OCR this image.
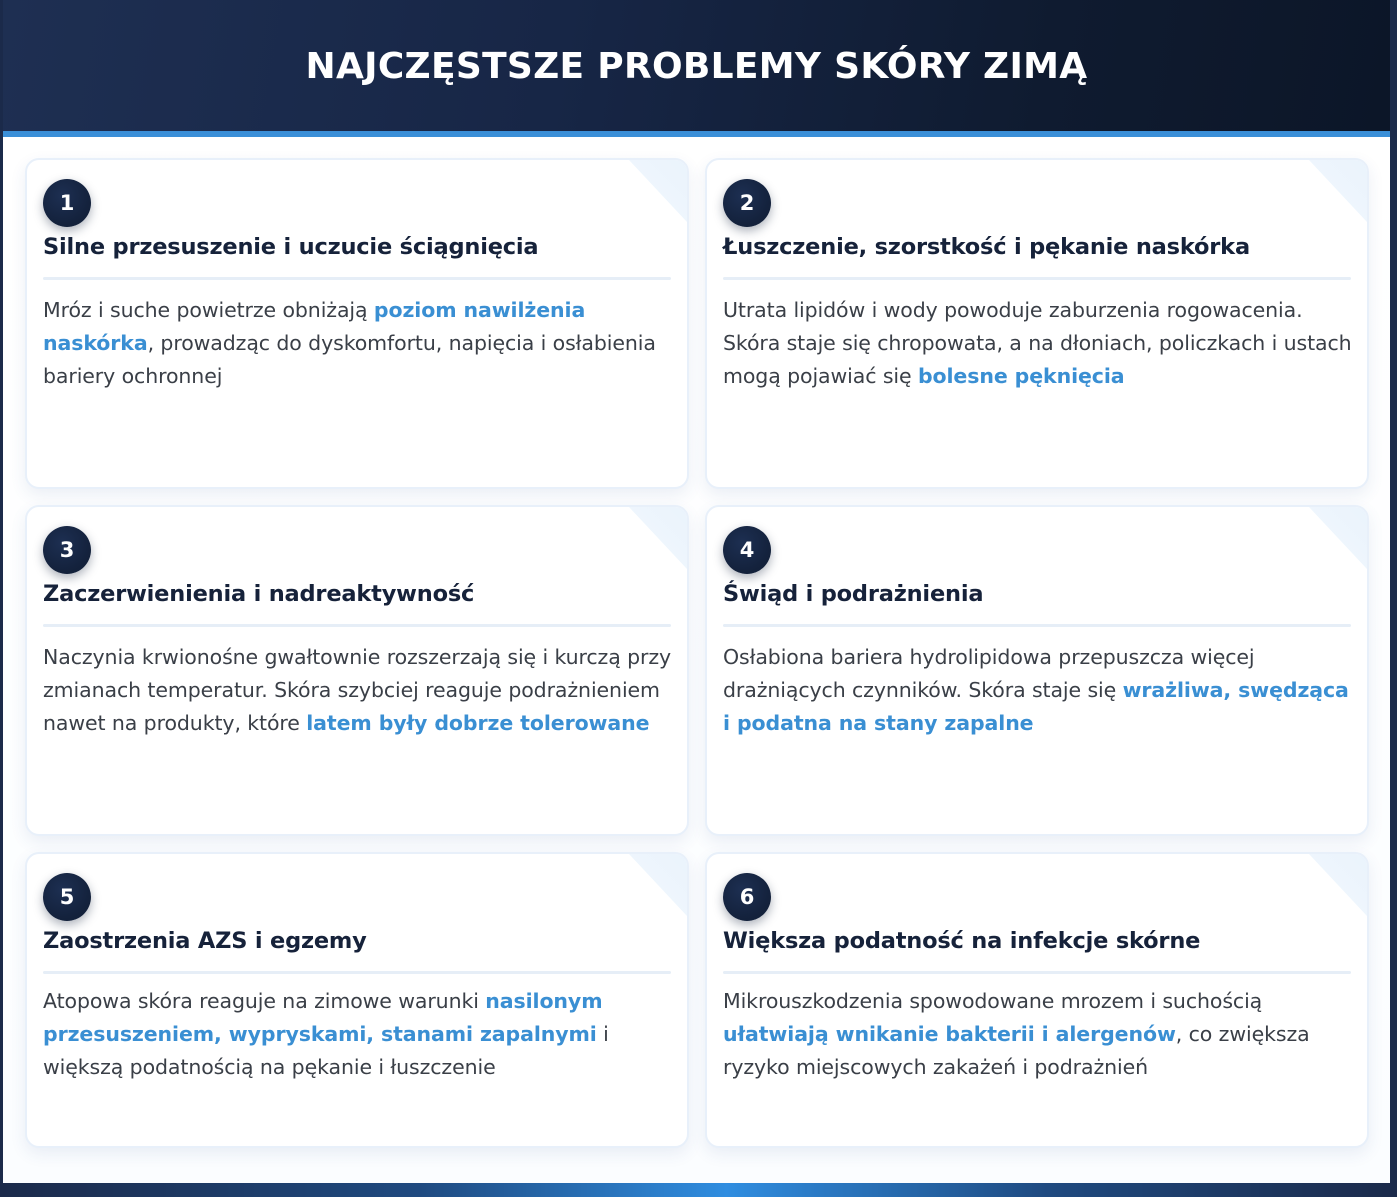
NAJCZĘSTSZE PROBLEMY SKÓRY ZIMĄ
1
Silne przesuszenie i uczucie ściągnięcia

Mróz i suche powietrze obniżają poziom nawilżenia naskórka, prowadząc do dyskomfortu, napięcia i osłabienia bariery ochronnej

2
Łuszczenie, szorstkość i pękanie naskórka

Utrata lipidów i wody powoduje zaburzenia rogowacenia. Skóra staje się chropowata, a na dłoniach, policzkach i ustach mogą pojawiać się bolesne pęknięcia

3
Zaczerwienienia i nadreaktywność

Naczynia krwionośne gwałtownie rozszerzają się i kurczą przy zmianach temperatur. Skóra szybciej reaguje podrażnieniem nawet na produkty, które latem były dobrze tolerowane

4
Świąd i podrażnienia

Osłabiona bariera hydrolipidowa przepuszcza więcej drażniących czynników. Skóra staje się wrażliwa, swędząca i podatna na stany zapalne

5
Zaostrzenia AZS i egzemy

Atopowa skóra reaguje na zimowe warunki nasilonym przesuszeniem, wypryskami, stanami zapalnymi i większą podatnością na pękanie i łuszczenie

6
Większa podatność na infekcje skórne

Mikrouszkodzenia spowodowane mrozem i suchością ułatwiają wnikanie bakterii i alergenów, co zwiększa ryzyko miejscowych zakażeń i podrażnień
